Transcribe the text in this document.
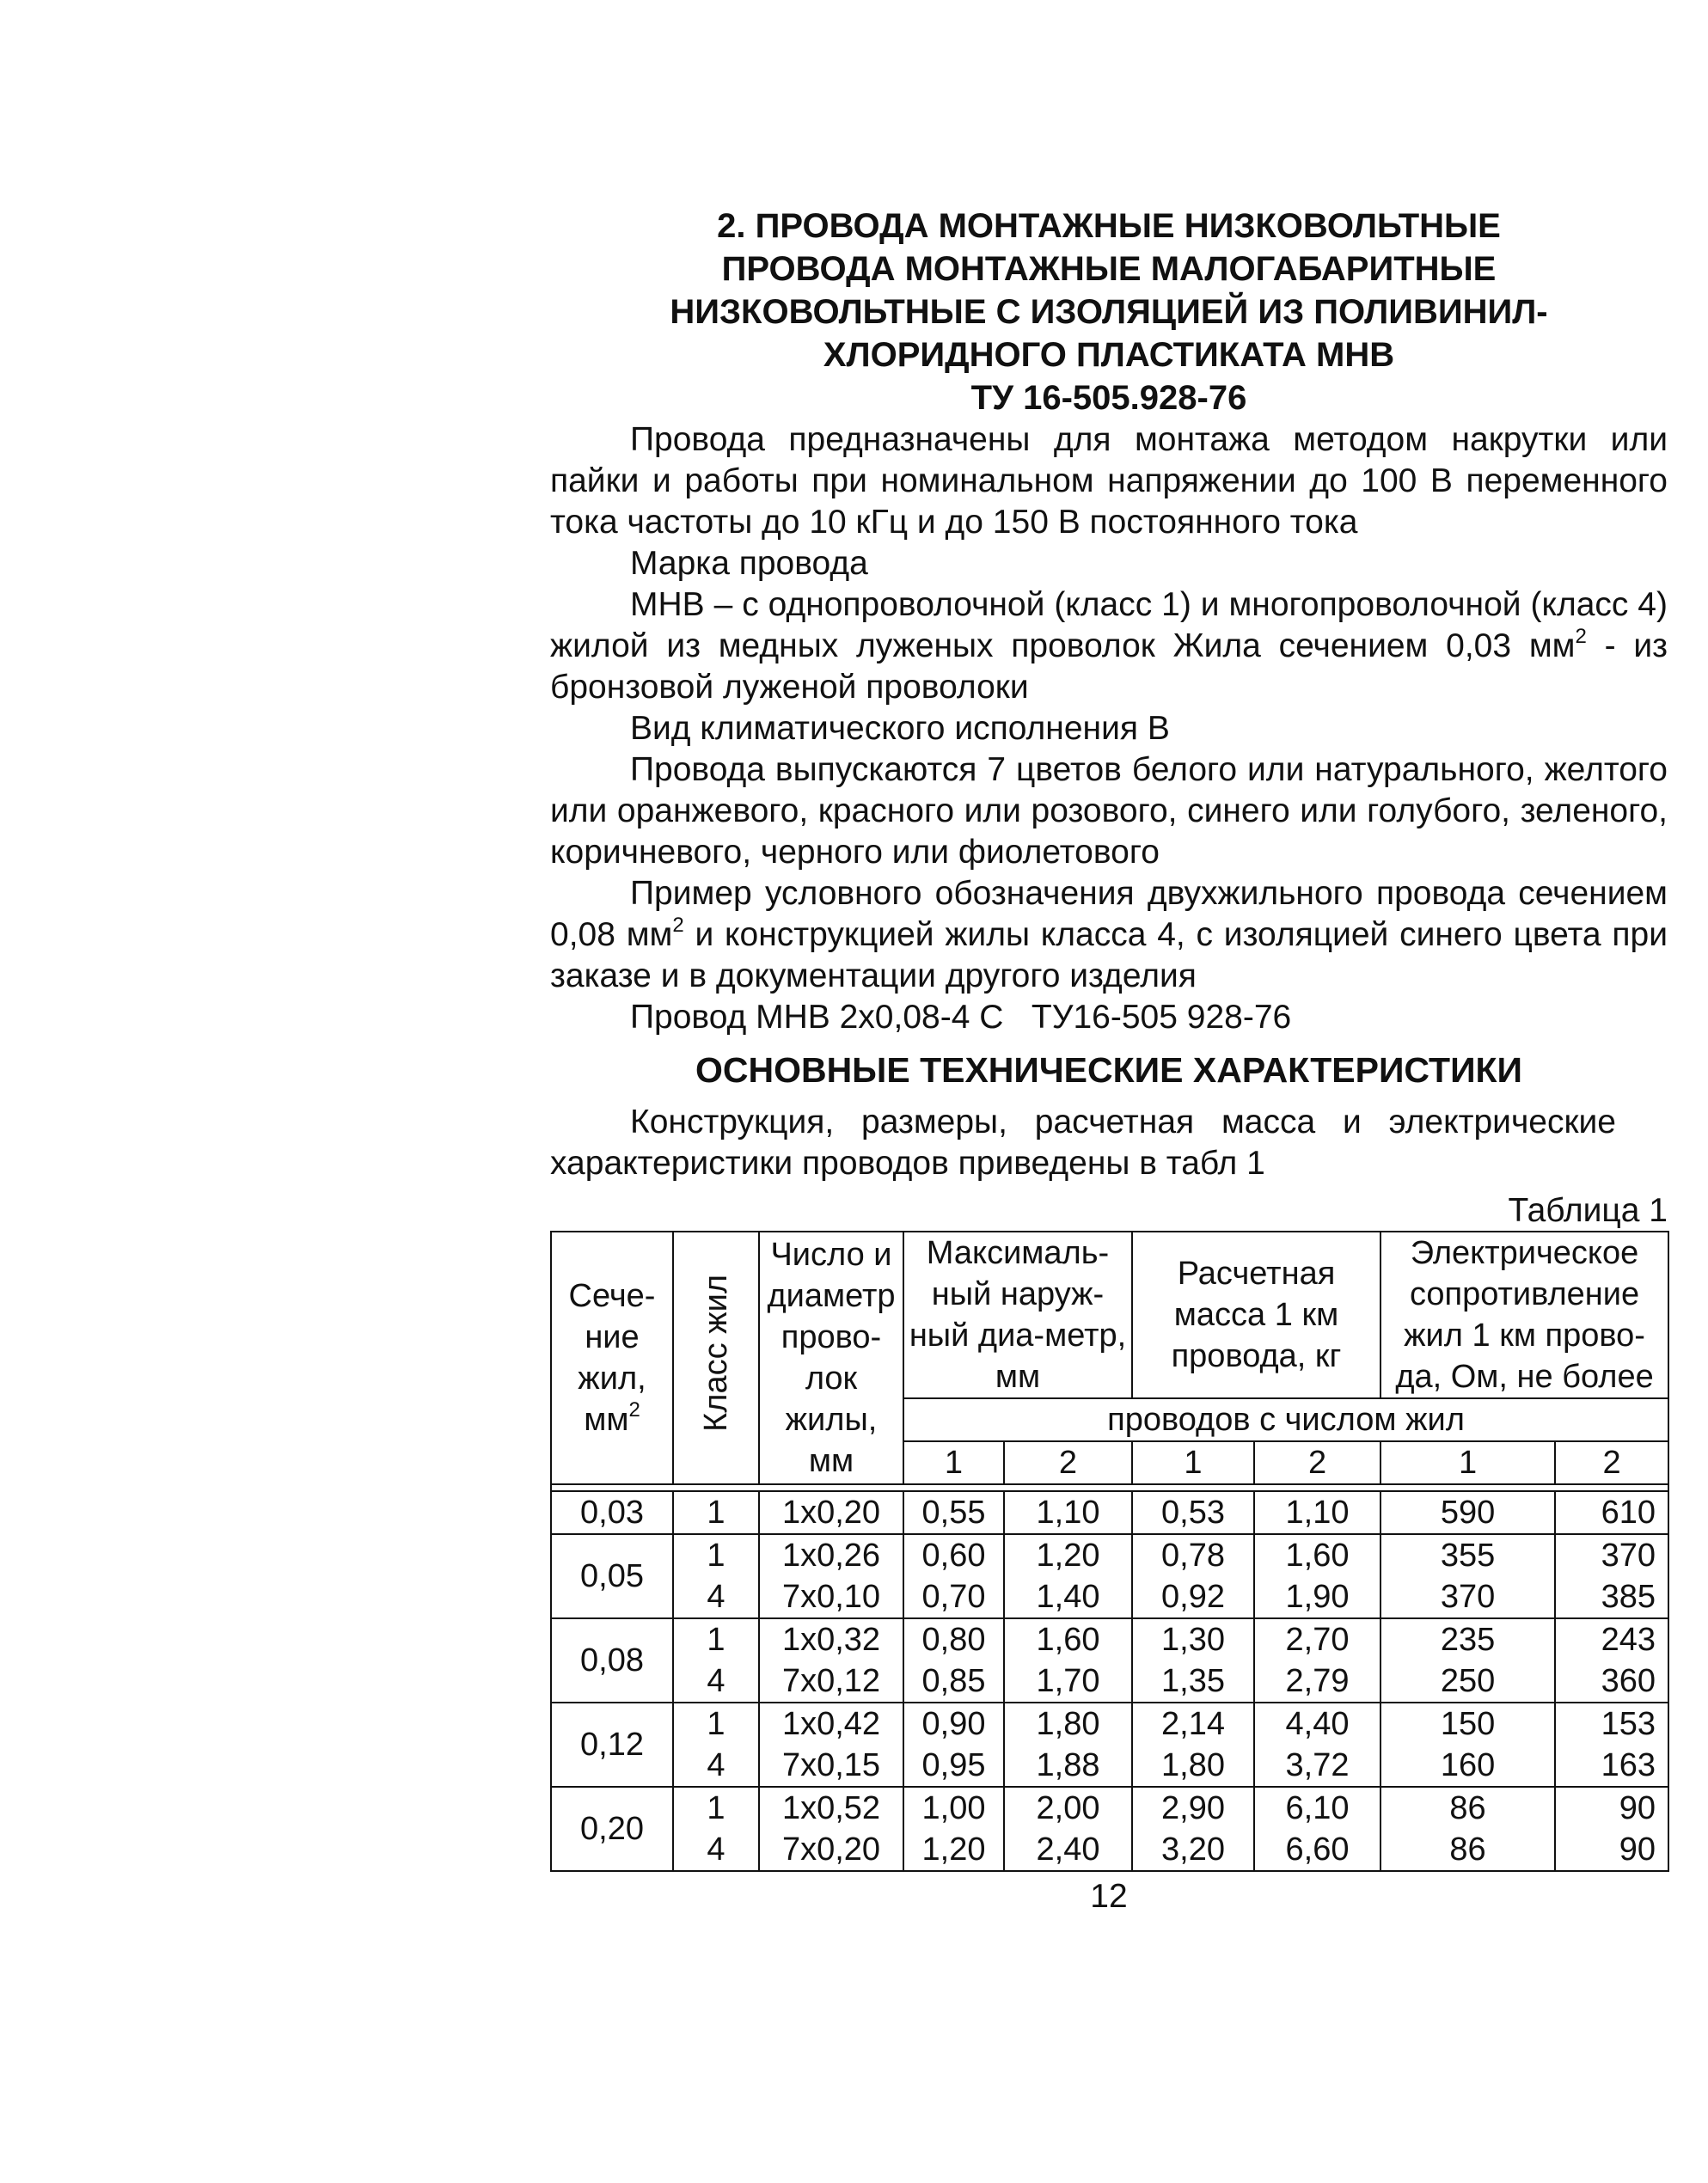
2. ПРОВОДА МОНТАЖНЫЕ НИЗКОВОЛЬТНЫЕ
ПРОВОДА МОНТАЖНЫЕ МАЛОГАБАРИТНЫЕ
НИЗКОВОЛЬТНЫЕ С ИЗОЛЯЦИЕЙ ИЗ ПОЛИВИНИЛ-
ХЛОРИДНОГО ПЛАСТИКАТА МНВ
ТУ 16-505.928-76

Провода предназначены для монтажа методом накрутки или пайки и работы при номинальном напряжении до 100 В переменного тока частоты до 10 кГц и до 150 В постоянного тока

Марка провода

МНВ – с однопроволочной (класс 1) и многопроволочной (класс 4) жилой из медных луженых проволок Жила сечением 0,03 $мм^2$ - из бронзовой луженой проволоки

Вид климатического исполнения В

Провода выпускаются 7 цветов белого или натурального, желтого или оранжевого, красного или розового, синего или голубого, зеленого, коричневого, черного или фиолетового

Пример условного обозначения двухжильного провода сечением 0,08 $мм^2$ и конструкцией жилы класса 4, с изоляцией синего цвета при заказе и в документации другого изделия

Провод МНВ 2х0,08-4 С   ТУ16-505 928-76

ОСНОВНЫЕ ТЕХНИЧЕСКИЕ ХАРАКТЕРИСТИКИ

Конструкция, размеры, расчетная масса и электрические характеристики проводов приведены в табл 1

Таблица 1
Сече-ние жил, $мм^2$	Класс жил	Число и диаметр прово-лок жилы, мм	Максималь-ный наруж-ный диа-метр, мм		Расчетная масса 1 км провода, кг		Электрическое сопротивление жил 1 км прово-да, Ом, не более	
			проводов с числом жил					
			1	2	1	2	1	2

0,03	1	1х0,20	0,55	1,10	0,53	1,10	590	610
0,05	1	1х0,26	0,60	1,20	0,78	1,60	355	370
	4	7х0,10	0,70	1,40	0,92	1,90	370	385
0,08	1	1х0,32	0,80	1,60	1,30	2,70	235	243
	4	7х0,12	0,85	1,70	1,35	2,79	250	360
0,12	1	1х0,42	0,90	1,80	2,14	4,40	150	153
	4	7х0,15	0,95	1,88	1,80	3,72	160	163
0,20	1	1х0,52	1,00	2,00	2,90	6,10	86	90
	4	7х0,20	1,20	2,40	3,20	6,60	86	90
12
